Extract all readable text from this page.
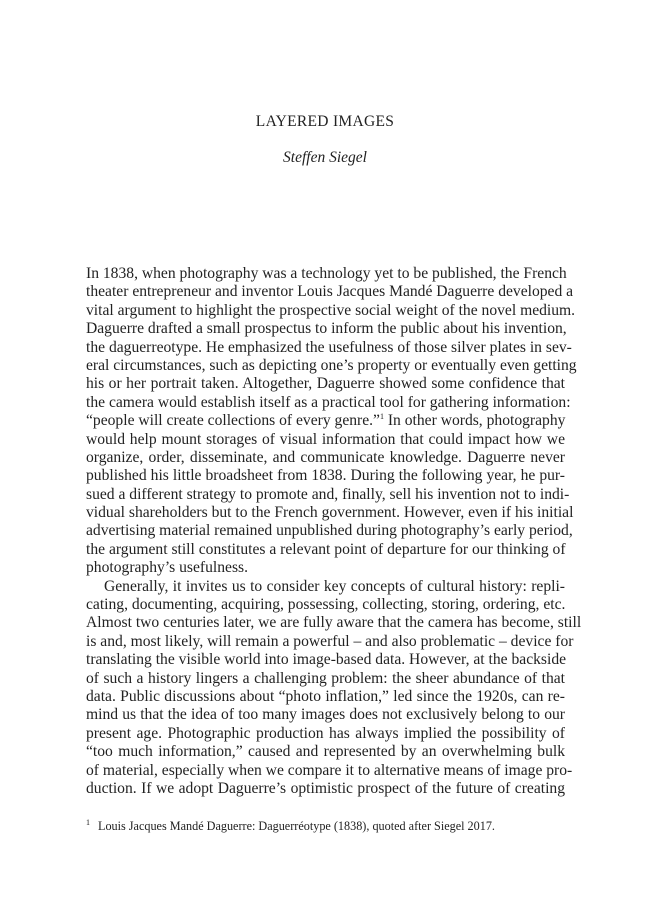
LAYERED IMAGES
Steffen Siegel
In 1838, when photography was a technology yet to be published, the French
theater entrepreneur and inventor Louis Jacques Mandé Daguerre developed a
vital argument to highlight the prospective social weight of the novel medium.
Daguerre drafted a small prospectus to inform the public about his invention,
the daguerreotype. He emphasized the usefulness of those silver plates in sev-
eral circumstances, such as depicting one’s property or eventually even getting
his or her portrait taken. Altogether, Daguerre showed some confidence that
the camera would establish itself as a practical tool for gathering information:
“people will create collections of every genre.”$^1$ In other words, photography
would help mount storages of visual information that could impact how we
organize, order, disseminate, and communicate knowledge. Daguerre never
published his little broadsheet from 1838. During the following year, he pur-
sued a different strategy to promote and, finally, sell his invention not to indi-
vidual shareholders but to the French government. However, even if his initial
advertising material remained unpublished during photography’s early period,
the argument still constitutes a relevant point of departure for our thinking of
photography’s usefulness.
Generally, it invites us to consider key concepts of cultural history: repli-
cating, documenting, acquiring, possessing, collecting, storing, ordering, etc.
Almost two centuries later, we are fully aware that the camera has become, still
is and, most likely, will remain a powerful – and also problematic – device for
translating the visible world into image-based data. However, at the backside
of such a history lingers a challenging problem: the sheer abundance of that
data. Public discussions about “photo inflation,” led since the 1920s, can re-
mind us that the idea of too many images does not exclusively belong to our
present age. Photographic production has always implied the possibility of
“too much information,” caused and represented by an overwhelming bulk
of material, especially when we compare it to alternative means of image pro-
duction. If we adopt Daguerre’s optimistic prospect of the future of creating
$^1$ Louis Jacques Mandé Daguerre: Daguerréotype (1838), quoted after Siegel 2017.
